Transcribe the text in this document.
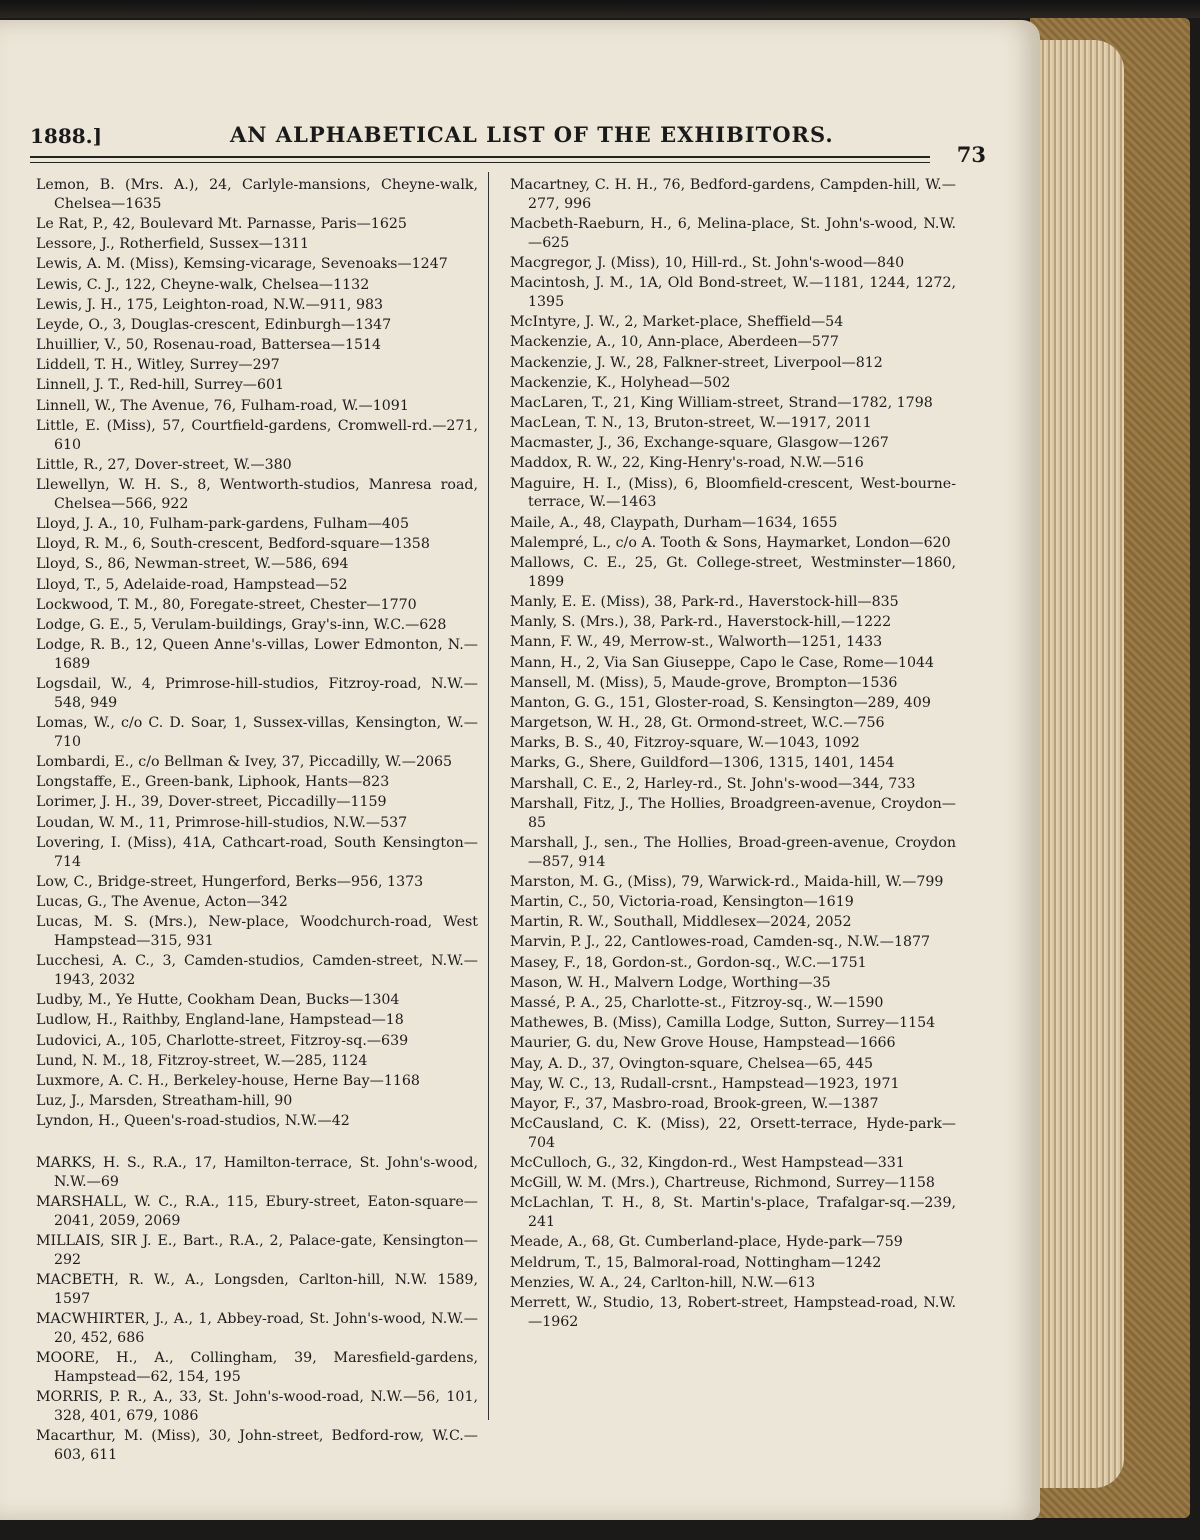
1888.]	AN ALPHABETICAL LIST OF THE EXHIBITORS.
73
Lemon, B. (Mrs. A.), 24, Carlyle-mansions, Cheyne-walk, Chelsea—1635
Le Rat, P., 42, Boulevard Mt. Parnasse, Paris—1625
Lessore, J., Rotherfield, Sussex—1311
Lewis, A. M. (Miss), Kemsing-vicarage, Sevenoaks—1247
Lewis, C. J., 122, Cheyne-walk, Chelsea—1132
Lewis, J. H., 175, Leighton-road, N.W.—911, 983
Leyde, O., 3, Douglas-crescent, Edinburgh—1347
Lhuillier, V., 50, Rosenau-road, Battersea—1514
Liddell, T. H., Witley, Surrey—297
Linnell, J. T., Red-hill, Surrey—601
Linnell, W., The Avenue, 76, Fulham-road, W.—1091
Little, E. (Miss), 57, Courtfield-gardens, Cromwell-rd.—271, 610
Little, R., 27, Dover-street, W.—380
Llewellyn, W. H. S., 8, Wentworth-studios, Manresa road, Chelsea—566, 922
Lloyd, J. A., 10, Fulham-park-gardens, Fulham—405
Lloyd, R. M., 6, South-crescent, Bedford-square—1358
Lloyd, S., 86, Newman-street, W.—586, 694
Lloyd, T., 5, Adelaide-road, Hampstead—52
Lockwood, T. M., 80, Foregate-street, Chester—1770
Lodge, G. E., 5, Verulam-buildings, Gray's-inn, W.C.—628
Lodge, R. B., 12, Queen Anne's-villas, Lower Edmonton, N.—1689
Logsdail, W., 4, Primrose-hill-studios, Fitzroy-road, N.W.—548, 949
Lomas, W., c/o C. D. Soar, 1, Sussex-villas, Kensington, W.—710
Lombardi, E., c/o Bellman & Ivey, 37, Piccadilly, W.—2065
Longstaffe, E., Green-bank, Liphook, Hants—823
Lorimer, J. H., 39, Dover-street, Piccadilly—1159
Loudan, W. M., 11, Primrose-hill-studios, N.W.—537
Lovering, I. (Miss), 41A, Cathcart-road, South Kensington—714
Low, C., Bridge-street, Hungerford, Berks—956, 1373
Lucas, G., The Avenue, Acton—342
Lucas, M. S. (Mrs.), New-place, Woodchurch-road, West Hampstead—315, 931
Lucchesi, A. C., 3, Camden-studios, Camden-street, N.W.—1943, 2032
Ludby, M., Ye Hutte, Cookham Dean, Bucks—1304
Ludlow, H., Raithby, England-lane, Hampstead—18
Ludovici, A., 105, Charlotte-street, Fitzroy-sq.—639
Lund, N. M., 18, Fitzroy-street, W.—285, 1124
Luxmore, A. C. H., Berkeley-house, Herne Bay—1168
Luz, J., Marsden, Streatham-hill, 90
Lyndon, H., Queen's-road-studios, N.W.—42
MARKS, H. S., R.A., 17, Hamilton-terrace, St. John's-wood, N.W.—69
MARSHALL, W. C., R.A., 115, Ebury-street, Eaton-square—2041, 2059, 2069
MILLAIS, SIR J. E., Bart., R.A., 2, Palace-gate, Kensington—292
MACBETH, R. W., A., Longsden, Carlton-hill, N.W. 1589, 1597
MACWHIRTER, J., A., 1, Abbey-road, St. John's-wood, N.W.—20, 452, 686
MOORE, H., A., Collingham, 39, Maresfield-gardens, Hampstead—62, 154, 195
MORRIS, P. R., A., 33, St. John's-wood-road, N.W.—56, 101, 328, 401, 679, 1086
Macarthur, M. (Miss), 30, John-street, Bedford-row, W.C.—603, 611
Macartney, C. H. H., 76, Bedford-gardens, Campden-hill, W.—277, 996
Macbeth-Raeburn, H., 6, Melina-place, St. John's-wood, N.W.—625
Macgregor, J. (Miss), 10, Hill-rd., St. John's-wood—840
Macintosh, J. M., 1A, Old Bond-street, W.—1181, 1244, 1272, 1395
McIntyre, J. W., 2, Market-place, Sheffield—54
Mackenzie, A., 10, Ann-place, Aberdeen—577
Mackenzie, J. W., 28, Falkner-street, Liverpool—812
Mackenzie, K., Holyhead—502
MacLaren, T., 21, King William-street, Strand—1782, 1798
MacLean, T. N., 13, Bruton-street, W.—1917, 2011
Macmaster, J., 36, Exchange-square, Glasgow—1267
Maddox, R. W., 22, King-Henry's-road, N.W.—516
Maguire, H. I., (Miss), 6, Bloomfield-crescent, West-bourne-terrace, W.—1463
Maile, A., 48, Claypath, Durham—1634, 1655
Malempré, L., c/o A. Tooth & Sons, Haymarket, London—620
Mallows, C. E., 25, Gt. College-street, Westminster—1860, 1899
Manly, E. E. (Miss), 38, Park-rd., Haverstock-hill—835
Manly, S. (Mrs.), 38, Park-rd., Haverstock-hill,—1222
Mann, F. W., 49, Merrow-st., Walworth—1251, 1433
Mann, H., 2, Via San Giuseppe, Capo le Case, Rome—1044
Mansell, M. (Miss), 5, Maude-grove, Brompton—1536
Manton, G. G., 151, Gloster-road, S. Kensington—289, 409
Margetson, W. H., 28, Gt. Ormond-street, W.C.—756
Marks, B. S., 40, Fitzroy-square, W.—1043, 1092
Marks, G., Shere, Guildford—1306, 1315, 1401, 1454
Marshall, C. E., 2, Harley-rd., St. John's-wood—344, 733
Marshall, Fitz, J., The Hollies, Broadgreen-avenue, Croydon—85
Marshall, J., sen., The Hollies, Broad-green-avenue, Croydon—857, 914
Marston, M. G., (Miss), 79, Warwick-rd., Maida-hill, W.—799
Martin, C., 50, Victoria-road, Kensington—1619
Martin, R. W., Southall, Middlesex—2024, 2052
Marvin, P. J., 22, Cantlowes-road, Camden-sq., N.W.—1877
Masey, F., 18, Gordon-st., Gordon-sq., W.C.—1751
Mason, W. H., Malvern Lodge, Worthing—35
Massé, P. A., 25, Charlotte-st., Fitzroy-sq., W.—1590
Mathewes, B. (Miss), Camilla Lodge, Sutton, Surrey—1154
Maurier, G. du, New Grove House, Hampstead—1666
May, A. D., 37, Ovington-square, Chelsea—65, 445
May, W. C., 13, Rudall-crsnt., Hampstead—1923, 1971
Mayor, F., 37, Masbro-road, Brook-green, W.—1387
McCausland, C. K. (Miss), 22, Orsett-terrace, Hyde-park—704
McCulloch, G., 32, Kingdon-rd., West Hampstead—331
McGill, W. M. (Mrs.), Chartreuse, Richmond, Surrey—1158
McLachlan, T. H., 8, St. Martin's-place, Trafalgar-sq.—239, 241
Meade, A., 68, Gt. Cumberland-place, Hyde-park—759
Meldrum, T., 15, Balmoral-road, Nottingham—1242
Menzies, W. A., 24, Carlton-hill, N.W.—613
Merrett, W., Studio, 13, Robert-street, Hampstead-road, N.W.—1962
